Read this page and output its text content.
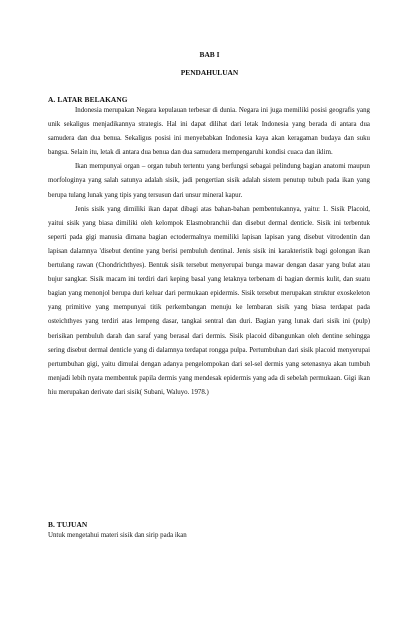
BAB I
PENDAHULUAN
A. LATAR BELAKANG

Indonesia merupakan Negara kepulauan terbesar di dunia. Negara ini juga memiliki posisi geografis yang unik sekaligus menjadikannya strategis. Hal ini dapat dilihat dari letak Indonesia yang berada di antara dua samudera dan dua benua. Sekaligus posisi ini menyebabkan Indonesia kaya akan keragaman budaya dan suku bangsa. Selain itu, letak di antara dua benua dan dua samudera mempengaruhi kondisi cuaca dan iklim.

Ikan mempunyai organ – organ tubuh tertentu yang berfungsi sebagai pelindung bagian anatomi maupun morfologinya yang salah satunya adalah sisik, jadi pengertian sisik adalah sistem penutup tubuh pada ikan yang berupa tulang lunak yang tipis yang tersusun dari unsur mineral kapur.

Jenis sisik yang dimiliki ikan dapat dibagi atas bahan-bahan pembentukannya, yaitu: 1. Sisik Placoid, yaitui sisik yang biasa dimiliki oleh kelompok Elasmobranchii dan disebut dermal denticle. Sisik ini terbentuk seperti pada gigi manusia dimana bagian ectodermalnya memiliki lapisan lapisan yang disebut vitrodentin dan lapisan dalamnya 'disebut dentine yang berisi pembuluh dentinal. Jenis sisik ini karakteristik bagi golongan ikan bertulang rawan (Chondrichthyes). Bentuk sisik tersebut menyerupai bunga mawar dengan dasar yang bulat atau bujur sangkar. Sisik macam ini terdiri dari keping basal yang letaknya terbenam di bagian dermis kulit, dan suatu bagian yang menonjol berupa duri keluar dari permukaan epidermis. Sisik tersebut merupakan struktur exoskeleton yang primitive yang mempunyai titik perkembangan menuju ke lembaran sisik yang biasa terdapat pada osteichthyes yang terdiri atas lempeng dasar, tangkai sentral dan duri. Bagian yang lunak dari sisik ini (pulp) berisikan pembuluh darah dan saraf yang berasal dari dermis. Sisik placoid dibangunkan oleh dentine sehingga sering disebut dermal denticle yang di dalamnya terdapat rongga pulpa. Pertumbuhan dari sisik placoid menyerupai pertumbuhan gigi, yaitu dimulai dengan adanya pengelompokan dari sel-sel dermis yang setenasnya akan tumbuh menjadi lebih nyata membentuk papila dermis yang mendesak epidermis yang ada di sebelah permukaan. Gigi ikan hiu merupakan derivate dari sisik( Subani, Waluyo. 1978.)

B. TUJUAN

Untuk mengetahui materi sisik dan sirip pada ikan
